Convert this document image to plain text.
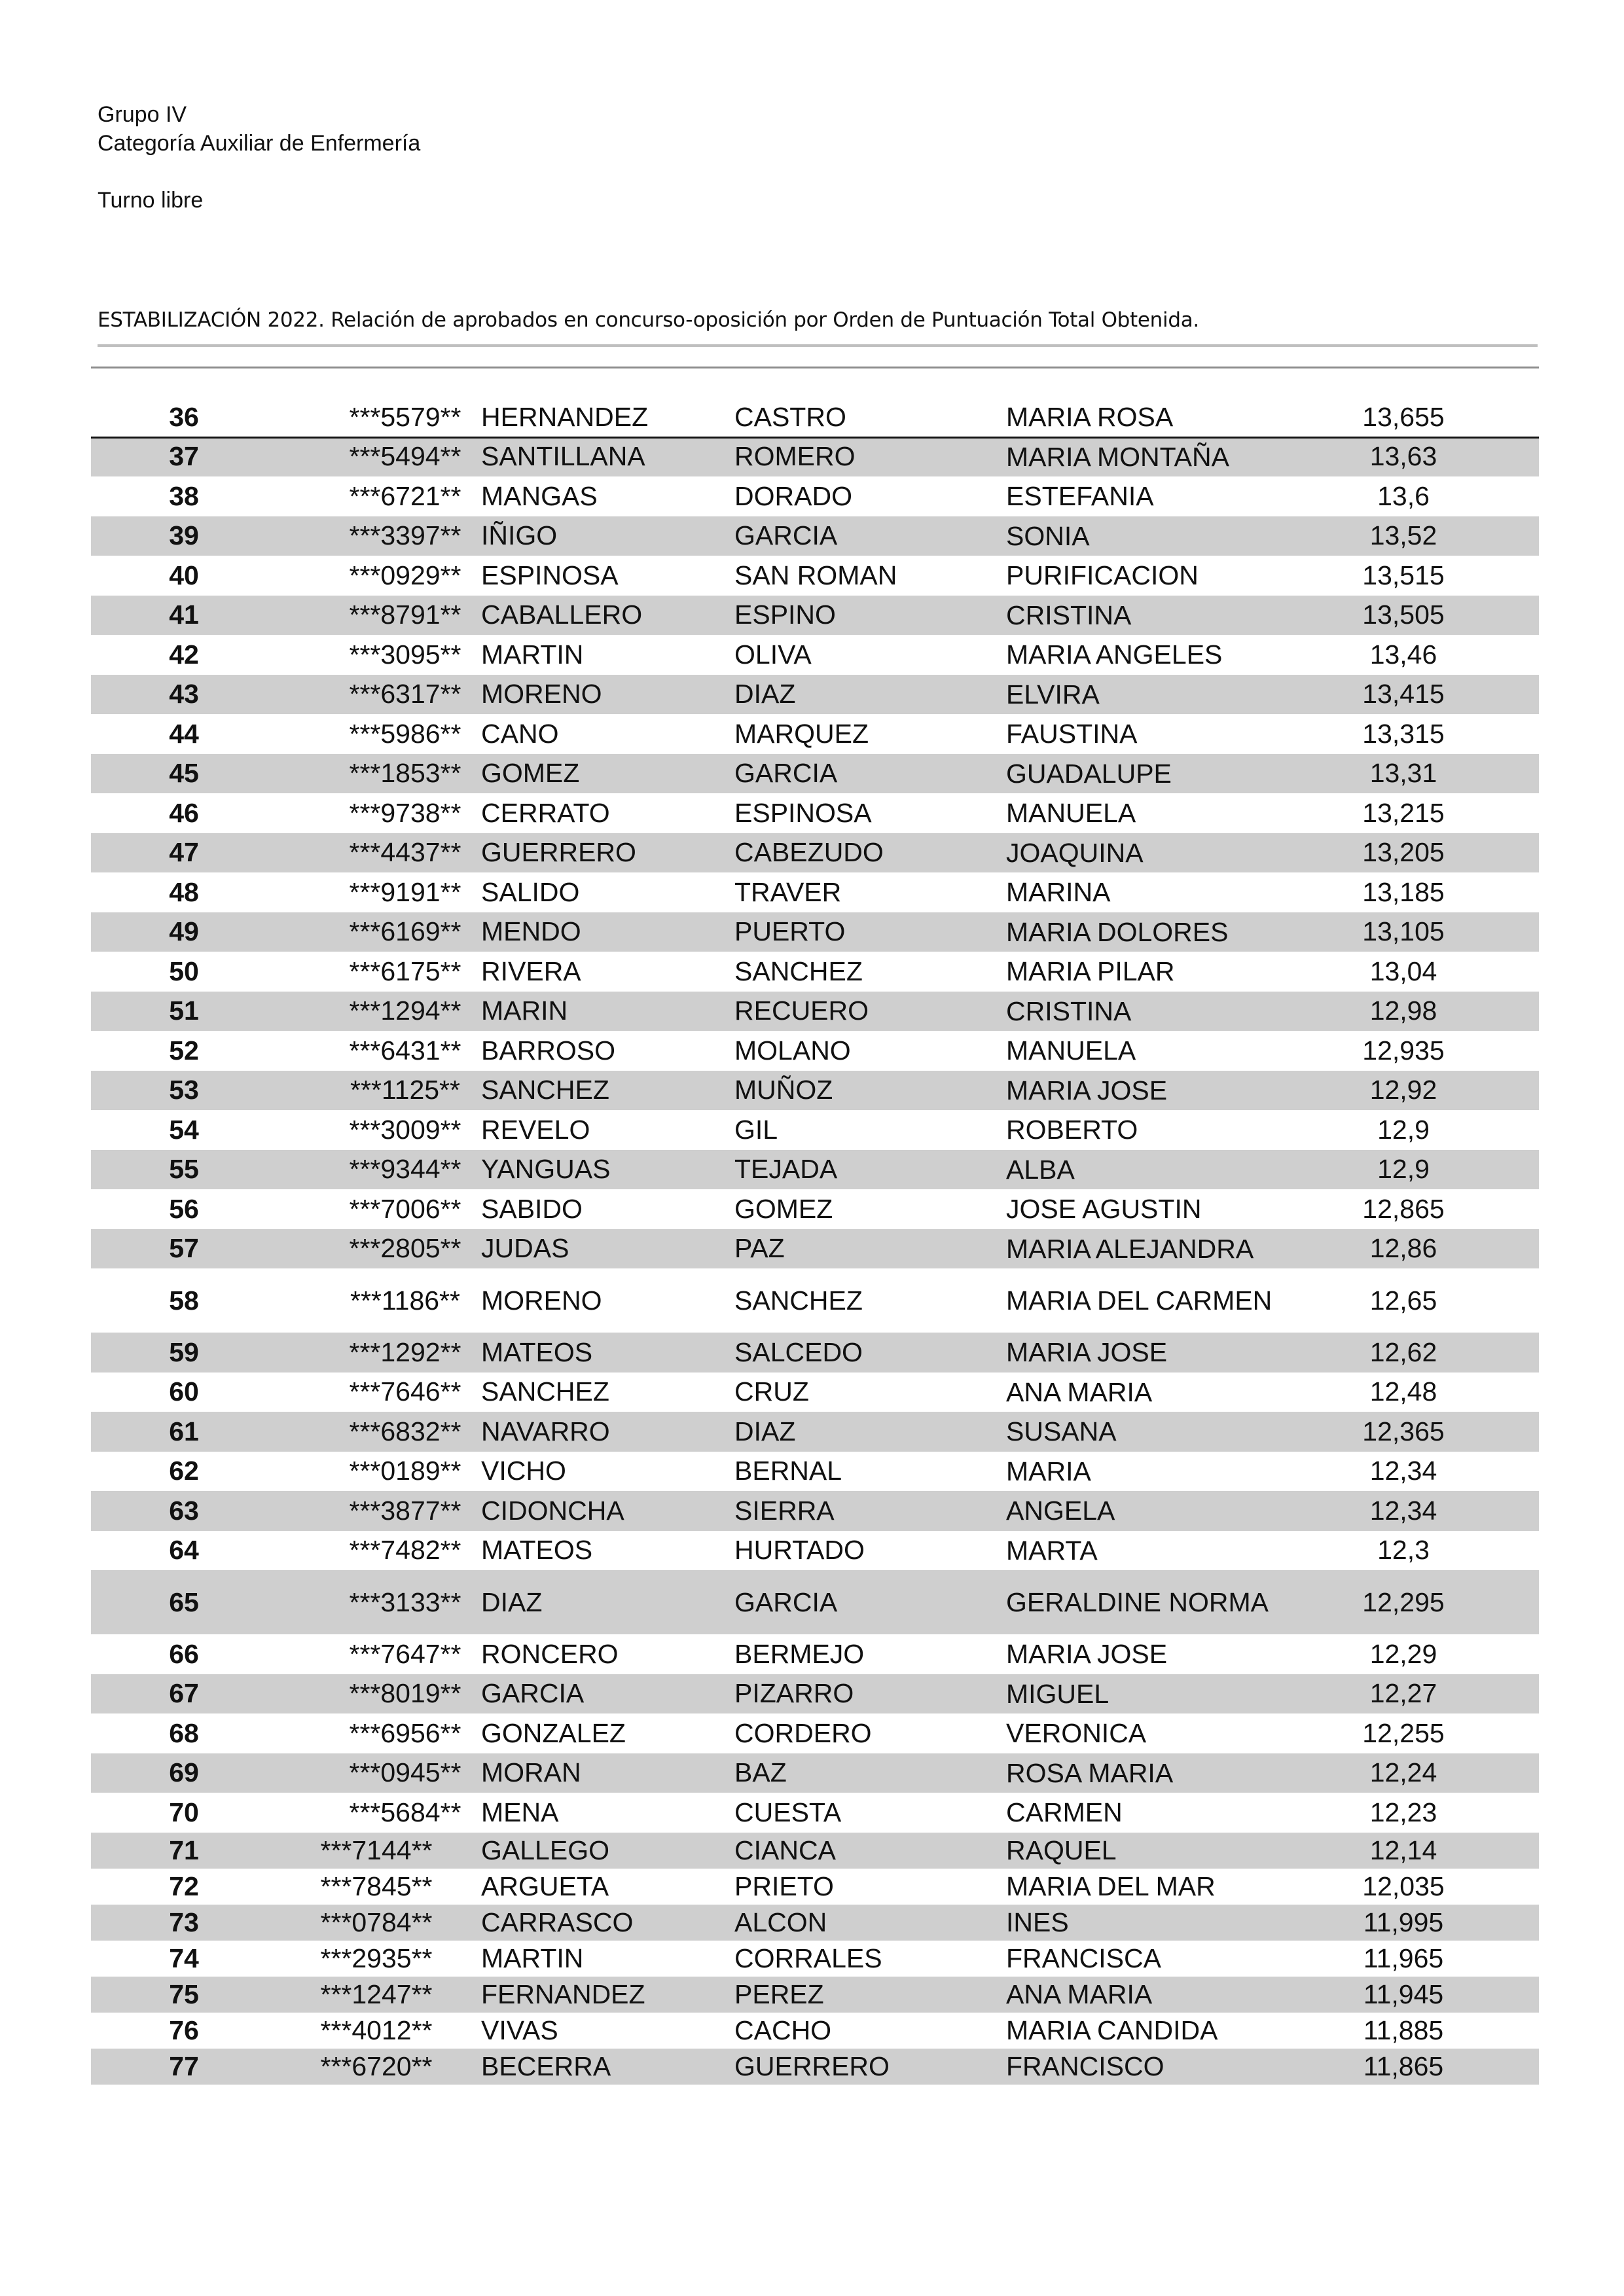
Grupo IV
Categoría Auxiliar de Enfermería
Turno libre
ESTABILIZACIÓN 2022. Relación de aprobados en concurso-oposición por Orden de Puntuación Total Obtenida.
36	***5579** HERNANDEZ	CASTRO	MARIA ROSA	13,655
37	***5494** SANTILLANA	ROMERO	MARIA MONTAÑA	13,63
38	***6721** MANGAS	DORADO	ESTEFANIA	13,6
39	***3397** IÑIGO	GARCIA	SONIA	13,52
40	***0929** ESPINOSA	SAN ROMAN	PURIFICACION	13,515
41	***8791** CABALLERO	ESPINO	CRISTINA	13,505
42	***3095** MARTIN	OLIVA	MARIA ANGELES	13,46
43	***6317** MORENO	DIAZ	ELVIRA	13,415
44	***5986** CANO	MARQUEZ	FAUSTINA	13,315
45	***1853** GOMEZ	GARCIA	GUADALUPE	13,31
46	***9738** CERRATO	ESPINOSA	MANUELA	13,215
47	***4437** GUERRERO	CABEZUDO	JOAQUINA	13,205
48	***9191** SALIDO	TRAVER	MARINA	13,185
49	***6169** MENDO	PUERTO	MARIA DOLORES	13,105
50	***6175** RIVERA	SANCHEZ	MARIA PILAR	13,04
51	***1294** MARIN	RECUERO	CRISTINA	12,98
52	***6431** BARROSO	MOLANO	MANUELA	12,935
53	***1125** SANCHEZ	MUÑOZ	MARIA JOSE	12,92
54	***3009** REVELO	GIL	ROBERTO	12,9
55	***9344** YANGUAS	TEJADA	ALBA	12,9
56	***7006** SABIDO	GOMEZ	JOSE AGUSTIN	12,865
57	***2805** JUDAS	PAZ	MARIA ALEJANDRA	12,86
58	***1186** MORENO	SANCHEZ	MARIA DEL CARMEN	12,65
59	***1292** MATEOS	SALCEDO	MARIA JOSE	12,62
60	***7646** SANCHEZ	CRUZ	ANA MARIA	12,48
61	***6832** NAVARRO	DIAZ	SUSANA	12,365
62	***0189** VICHO	BERNAL	MARIA	12,34
63	***3877** CIDONCHA	SIERRA	ANGELA	12,34
64	***7482** MATEOS	HURTADO	MARTA	12,3
65	***3133** DIAZ	GARCIA	GERALDINE NORMA	12,295
66	***7647** RONCERO	BERMEJO	MARIA JOSE	12,29
67	***8019** GARCIA	PIZARRO	MIGUEL	12,27
68	***6956** GONZALEZ	CORDERO	VERONICA	12,255
69	***0945** MORAN	BAZ	ROSA MARIA	12,24
70	***5684** MENA	CUESTA	CARMEN	12,23
71	***7144**	GALLEGO	CIANCA	RAQUEL	12,14
72	***7845**	ARGUETA	PRIETO	MARIA DEL MAR	12,035
73	***0784**	CARRASCO	ALCON	INES	11,995
74	***2935**	MARTIN	CORRALES	FRANCISCA	11,965
75	***1247**	FERNANDEZ	PEREZ	ANA MARIA	11,945
76	***4012**	VIVAS	CACHO	MARIA CANDIDA	11,885
77	***6720**	BECERRA	GUERRERO	FRANCISCO	11,865
